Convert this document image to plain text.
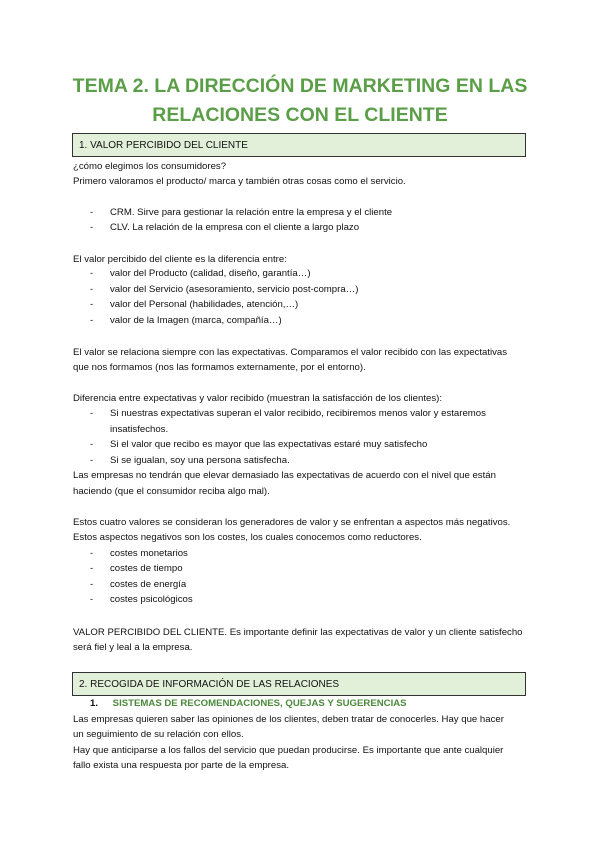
TEMA 2. LA DIRECCIÓN DE MARKETING EN LAS
RELACIONES CON EL CLIENTE
1. VALOR PERCIBIDO DEL CLIENTE
¿cómo elegimos los consumidores?
Primero valoramos el producto/ marca y también otras cosas como el servicio.
- CRM. Sirve para gestionar la relación entre la empresa y el cliente
- CLV. La relación de la empresa con el cliente a largo plazo
El valor percibido del cliente es la diferencia entre:
- valor del Producto (calidad, diseño, garantía…)
- valor del Servicio (asesoramiento, servicio post-compra…)
- valor del Personal (habilidades, atención,…)
- valor de la Imagen (marca, compañía…)
El valor se relaciona siempre con las expectativas. Comparamos el valor recibido con las expectativas
que nos formamos (nos las formamos externamente, por el entorno).
Diferencia entre expectativas y valor recibido (muestran la satisfacción de los clientes):
- Si nuestras expectativas superan el valor recibido, recibiremos menos valor y estaremos
insatisfechos.
- Si el valor que recibo es mayor que las expectativas estaré muy satisfecho
- Si se igualan, soy una persona satisfecha.
Las empresas no tendrán que elevar demasiado las expectativas de acuerdo con el nivel que están
haciendo (que el consumidor reciba algo mal).
Estos cuatro valores se consideran los generadores de valor y se enfrentan a aspectos más negativos.
Estos aspectos negativos son los costes, los cuales conocemos como reductores.
- costes monetarios
- costes de tiempo
- costes de energía
- costes psicológicos
VALOR PERCIBIDO DEL CLIENTE. Es importante definir las expectativas de valor y un cliente satisfecho
será fiel y leal a la empresa.
2. RECOGIDA DE INFORMACIÓN DE LAS RELACIONES
1. SISTEMAS DE RECOMENDACIONES, QUEJAS Y SUGERENCIAS
Las empresas quieren saber las opiniones de los clientes, deben tratar de conocerles. Hay que hacer
un seguimiento de su relación con ellos.
Hay que anticiparse a los fallos del servicio que puedan producirse. Es importante que ante cualquier
fallo exista una respuesta por parte de la empresa.
